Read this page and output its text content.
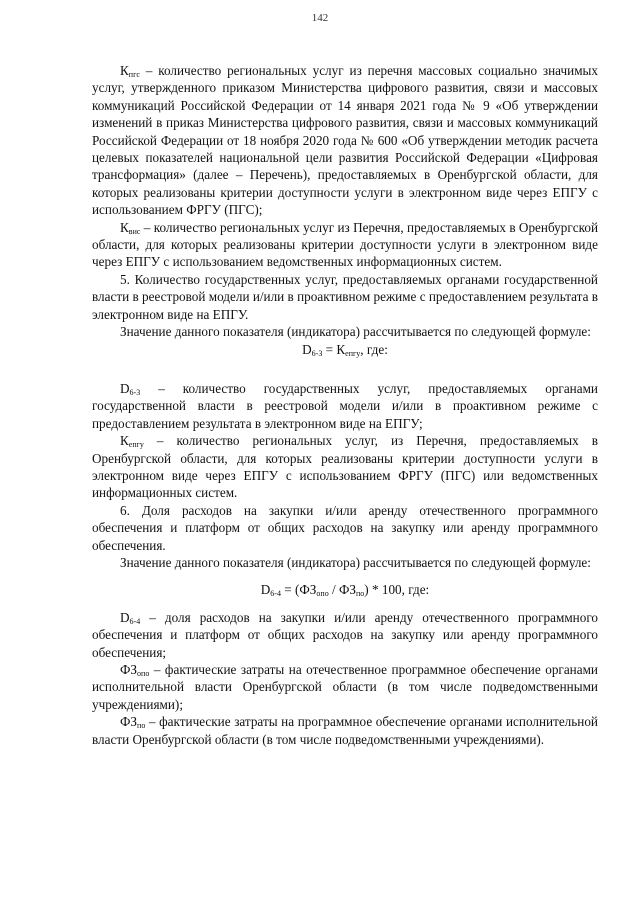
142

$К_{пгс}$ – количество региональных услуг из перечня массовых социально значимых услуг, утвержденного приказом Министерства цифрового развития, связи и массовых коммуникаций Российской Федерации от 14 января 2021 года № 9 «Об утверждении изменений в приказ Министерства цифрового развития, связи и массовых коммуникаций Российской Федерации от 18 ноября 2020 года № 600 «Об утверждении методик расчета целевых показателей национальной цели развития Российской Федерации «Цифровая трансформация» (далее – Перечень), предоставляемых в Оренбургской области, для которых реализованы критерии доступности услуги в электронном виде через ЕПГУ с использованием ФРГУ (ПГС);

$К_{вис}$ – количество региональных услуг из Перечня, предоставляемых в Оренбургской области, для которых реализованы критерии доступности услуги в электронном виде через ЕПГУ с использованием ведомственных информационных систем.

5. Количество государственных услуг, предоставляемых органами государственной власти в реестровой модели и/или в проактивном режиме с предоставлением результата в электронном виде на ЕПГУ.

Значение данного показателя (индикатора) рассчитывается по следующей формуле:

$D_{6-3} = К_{епгу}$, где:

$D_{6-3}$ – количество государственных услуг, предоставляемых органами государственной власти в реестровой модели и/или в проактивном режиме с предоставлением результата в электронном виде на ЕПГУ;

$К_{епгу}$ – количество региональных услуг, из Перечня, предоставляемых в Оренбургской области, для которых реализованы критерии доступности услуги в электронном виде через ЕПГУ с использованием ФРГУ (ПГС) или ведомственных информационных систем.

6. Доля расходов на закупки и/или аренду отечественного программного обеспечения и платформ от общих расходов на закупку или аренду программного обеспечения.

Значение данного показателя (индикатора) рассчитывается по следующей формуле:

$D_{6-4} = (ФЗ_{опо} / ФЗ_{по}) * 100$, где:

$D_{6-4}$ – доля расходов на закупки и/или аренду отечественного программного обеспечения и платформ от общих расходов на закупку или аренду программного обеспечения;

$ФЗ_{опо}$ – фактические затраты на отечественное программное обеспечение органами исполнительной власти Оренбургской области (в том числе подведомственными учреждениями);

$ФЗ_{по}$ – фактические затраты на программное обеспечение органами исполнительной власти Оренбургской области (в том числе подведомственными учреждениями).
